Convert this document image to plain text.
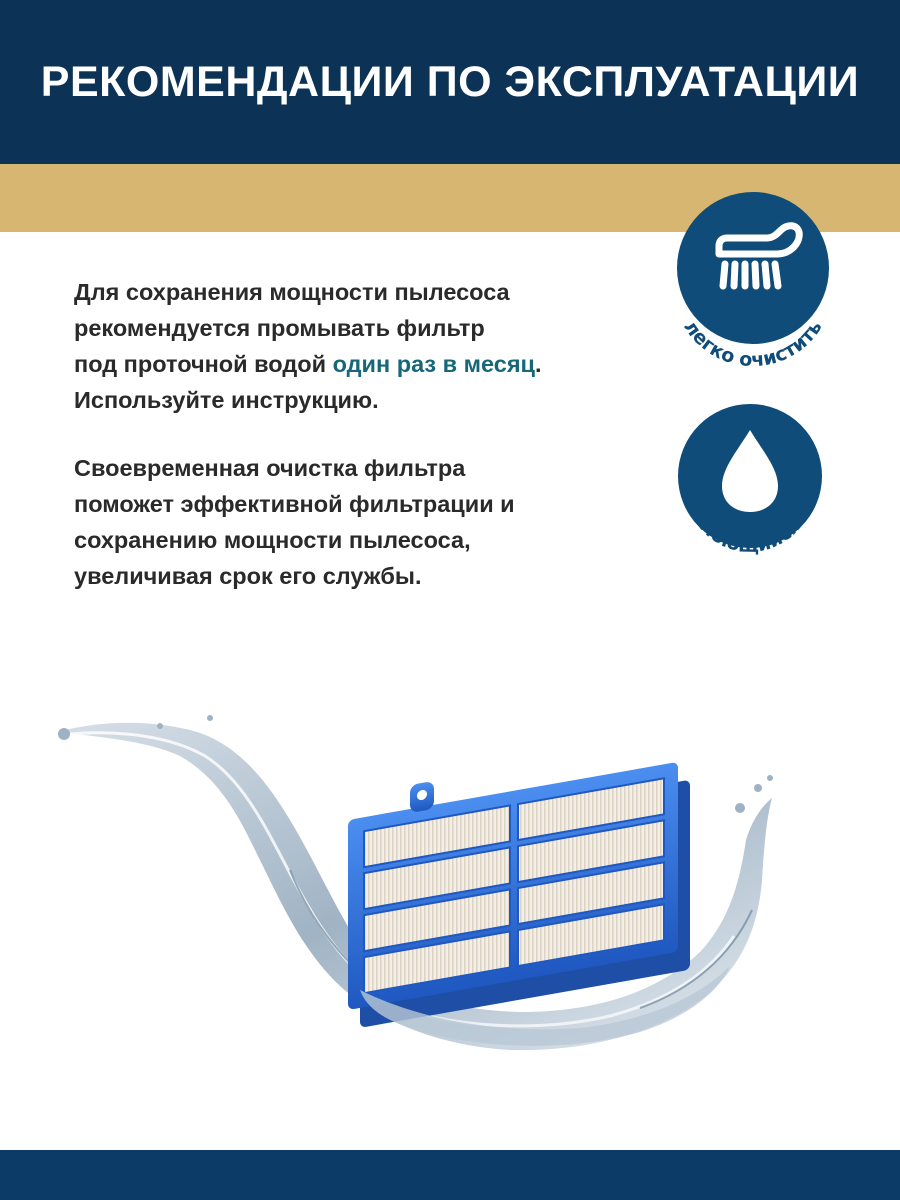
РЕКОМЕНДАЦИИ ПО ЭКСПЛУАТАЦИИ
Для сохранения мощности пылесоса
рекомендуется промывать фильтр
под проточной водой один раз в месяц.
Используйте инструкцию.
Своевременная очистка фильтра
поможет эффективной фильтрации и
сохранению мощности пылесоса,
увеличивая срок его службы.
легко очистить
моющийся
